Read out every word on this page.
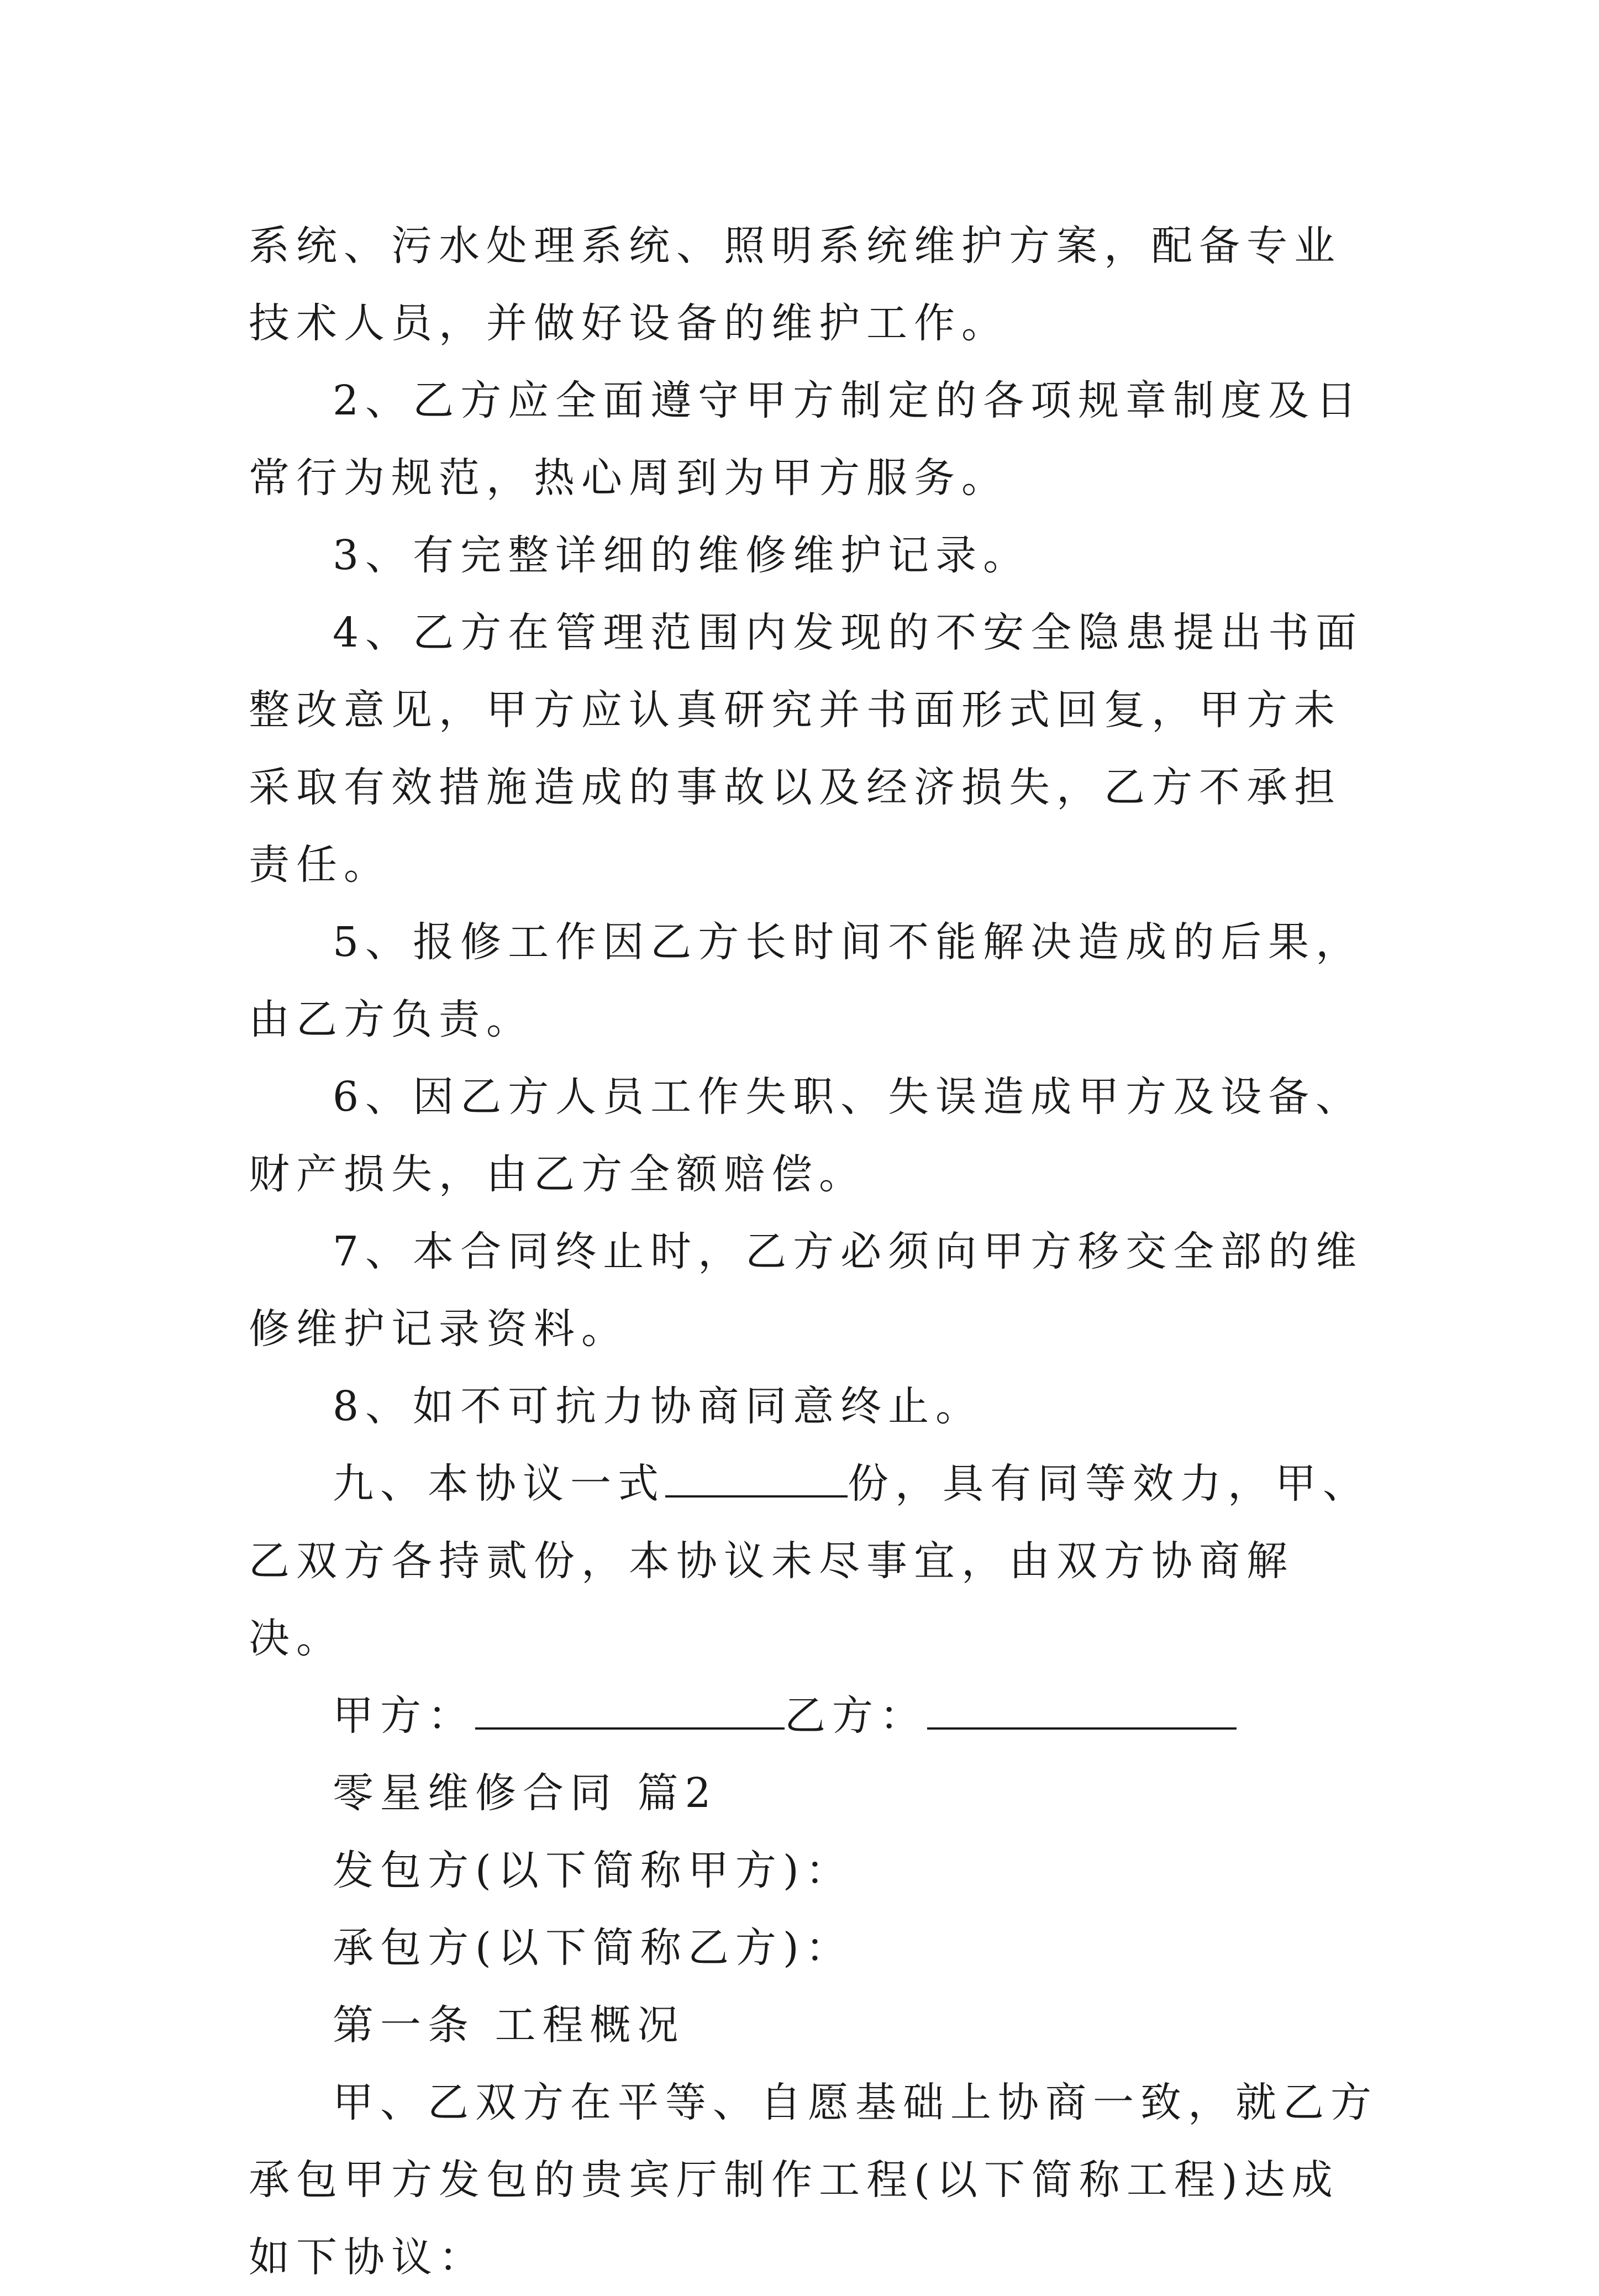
系统、污水处理系统、照明系统维护方案，配备专业技术人员，并做好设备的维护工作。

2、乙方应全面遵守甲方制定的各项规章制度及日常行为规范，热心周到为甲方服务。

3、有完整详细的维修维护记录。

4、乙方在管理范围内发现的不安全隐患提出书面整改意见，甲方应认真研究并书面形式回复，甲方未采取有效措施造成的事故以及经济损失，乙方不承担责任。

5、报修工作因乙方长时间不能解决造成的后果，由乙方负责。

6、因乙方人员工作失职、失误造成甲方及设备、财产损失，由乙方全额赔偿。

7、本合同终止时，乙方必须向甲方移交全部的维修维护记录资料。

8、如不可抗力协商同意终止。

九、本协议一式	份，具有同等效力，甲、乙双方各持贰份，本协议未尽事宜，由双方协商解决。

甲方：	乙方：

零星维修合同 篇2

发包方(以下简称甲方)：

承包方(以下简称乙方)：

第一条 工程概况

甲、乙双方在平等、自愿基础上协商一致，就乙方承包甲方发包的贵宾厅制作工程(以下简称工程)达成如下协议：
